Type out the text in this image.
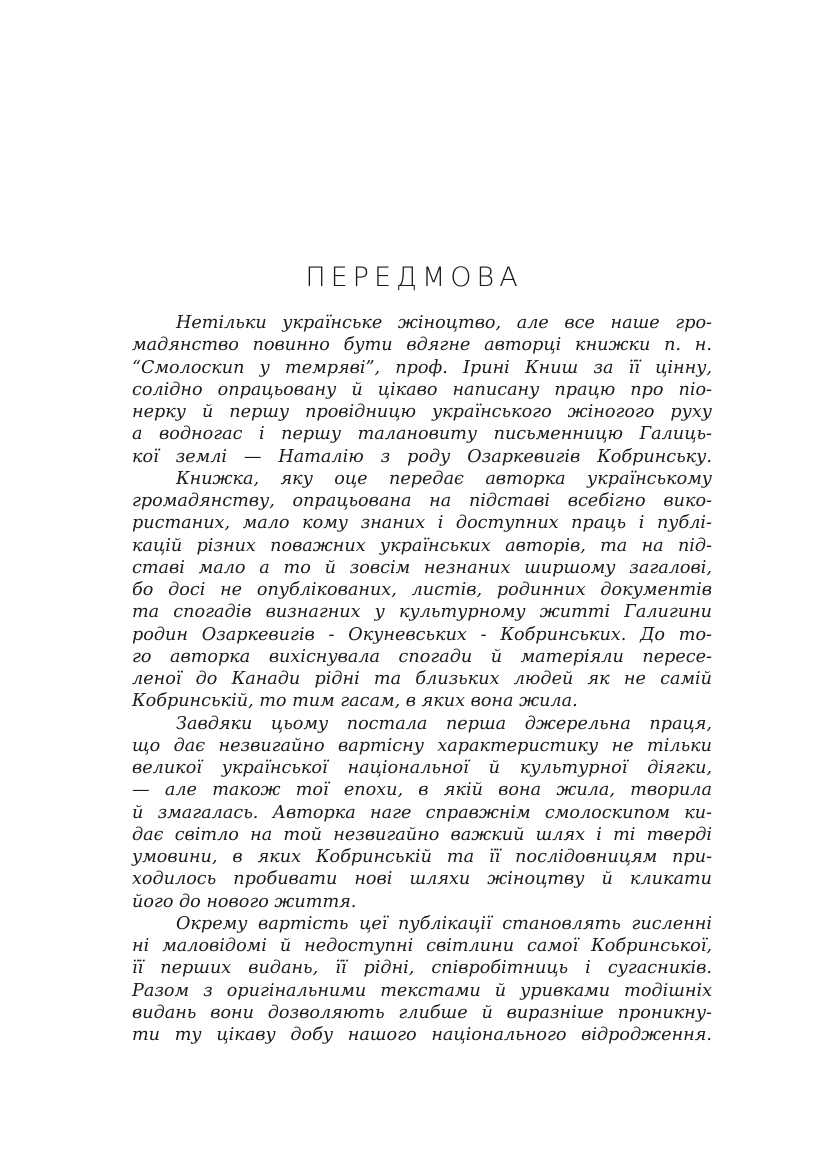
ПЕРЕДМОВА

Нетільки українське жіноцтво, але все наше гро-
мадянство повинно бути вдягне авторці книжки п. н.
“Смолоскип у темряві”, проф. Ірині Книш за її цінну,
солідно опрацьовану й цікаво написану працю про піо-
нерку й першу провідницю українського жіногого руху
а водногас і першу талановиту письменницю Галиць-
кої землі — Наталію з роду Озаркевигів Кобринську.

Книжка, яку оце передає авторка українському
громадянству, опрацьована на підставі всебігно вико-
ристаних, мало кому знаних і доступних праць і публі-
кацій різних поважних українських авторів, та на під-
ставі мало а то й зовсім незнаних ширшому загалові,
бо досі не опублікованих, листів, родинних документів
та спогадів визнагних у культурному житті Галигини
родин Озаркевигів - Окуневських - Кобринських. До то-
го авторка вихіснувала спогади й матеріяли пересе-
леної до Канади рідні та близьких людей як не самій
Кобринській, то тим гасам, в яких вона жила.

Завдяки цьому постала перша джерельна праця,
що дає незвигайно вартісну характеристику не тільки
великої української національної й культурної діягки,
— але також тої епохи, в якій вона жила, творила
й змагалась. Авторка наге справжнім смолоскипом ки-
дає світло на той незвигайно важкий шлях і ті тверді
умовини, в яких Кобринській та її послідовницям при-
ходилось пробивати нові шляхи жіноцтву й кликати
його до нового життя.

Окрему вартість цеї публікації становлять гисленні
ні маловідомі й недоступні світлини самої Кобринської,
її перших видань, її рідні, співробітниць і сугасників.
Разом з оригінальними текстами й уривками тодішніх
видань вони дозволяють глибше й виразніше проникну-
ти ту цікаву добу нашого національного відродження.
